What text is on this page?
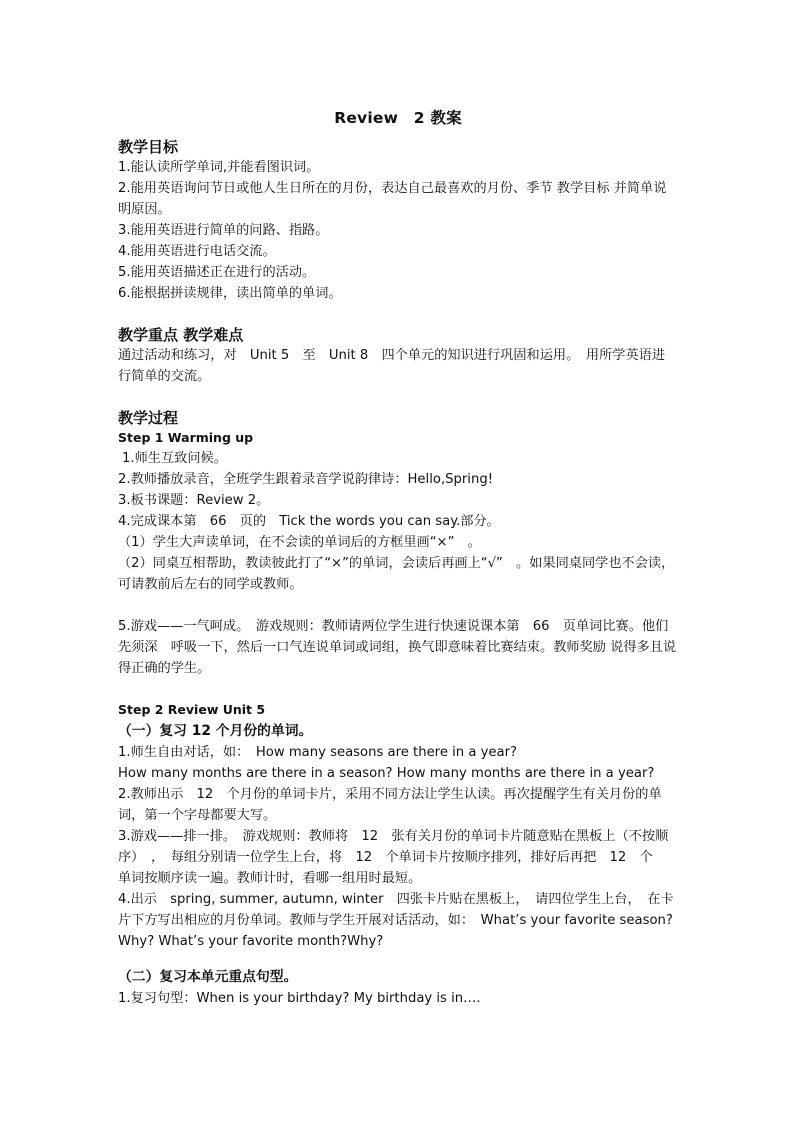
Review　2 教案

教学目标

1.能认读所学单词,并能看图识词。

2.能用英语询问节日或他人生日所在的月份，表达自己最喜欢的月份、季节 教学目标 并简单说明原因。

3.能用英语进行简单的问路、指路。

4.能用英语进行电话交流。

5.能用英语描述正在进行的活动。

6.能根据拼读规律，读出简单的单词。

教学重点 教学难点

通过活动和练习，对　Unit 5　至　Unit 8　四个单元的知识进行巩固和运用。　用所学英语进行简单的交流。

教学过程

Step 1 Warming up

1.师生互致问候。

2.教师播放录音，全班学生跟着录音学说韵律诗：Hello,Spring!

3.板书课题：Review 2。

4.完成课本第　66　页的　Tick the words you can say.部分。

（1）学生大声读单词，在不会读的单词后的方框里画“×”　。

（2）同桌互相帮助，教读彼此打了“×”的单词，会读后再画上“√”　。如果同桌同学也不会读，可请教前后左右的同学或教师。

5.游戏——一气呵成。　游戏规则：教师请两位学生进行快速说课本第　66　页单词比赛。他们先须深　呼吸一下，然后一口气连说单词或词组，换气即意味着比赛结束。教师奖励 说得多且说得正确的学生。

Step 2 Review Unit 5

（一）复习 12 个月份的单词。

1.师生自由对话，如：　How many seasons are there in a year?

How many months are there in a season? How many months are there in a year?

2.教师出示　12　个月份的单词卡片，采用不同方法让学生认读。再次提醒学生有关月份的单词，第一个字母都要大写。

3.游戏——排一排。　游戏规则：教师将　12　张有关月份的单词卡片随意贴在黑板上（不按顺序）　，　每组分别请一位学生上台，将　12　个单词卡片按顺序排列，排好后再把　12　个　单词按顺序读一遍。教师计时，看哪一组用时最短。

4.出示　spring, summer, autumn, winter　四张卡片贴在黑板上，　请四位学生上台，　在卡片下方写出相应的月份单词。教师与学生开展对话活动，如：　What’s your favorite season?Why? What’s your favorite month?Why?

（二）复习本单元重点句型。

1.复习句型：When is your birthday? My birthday is in….
